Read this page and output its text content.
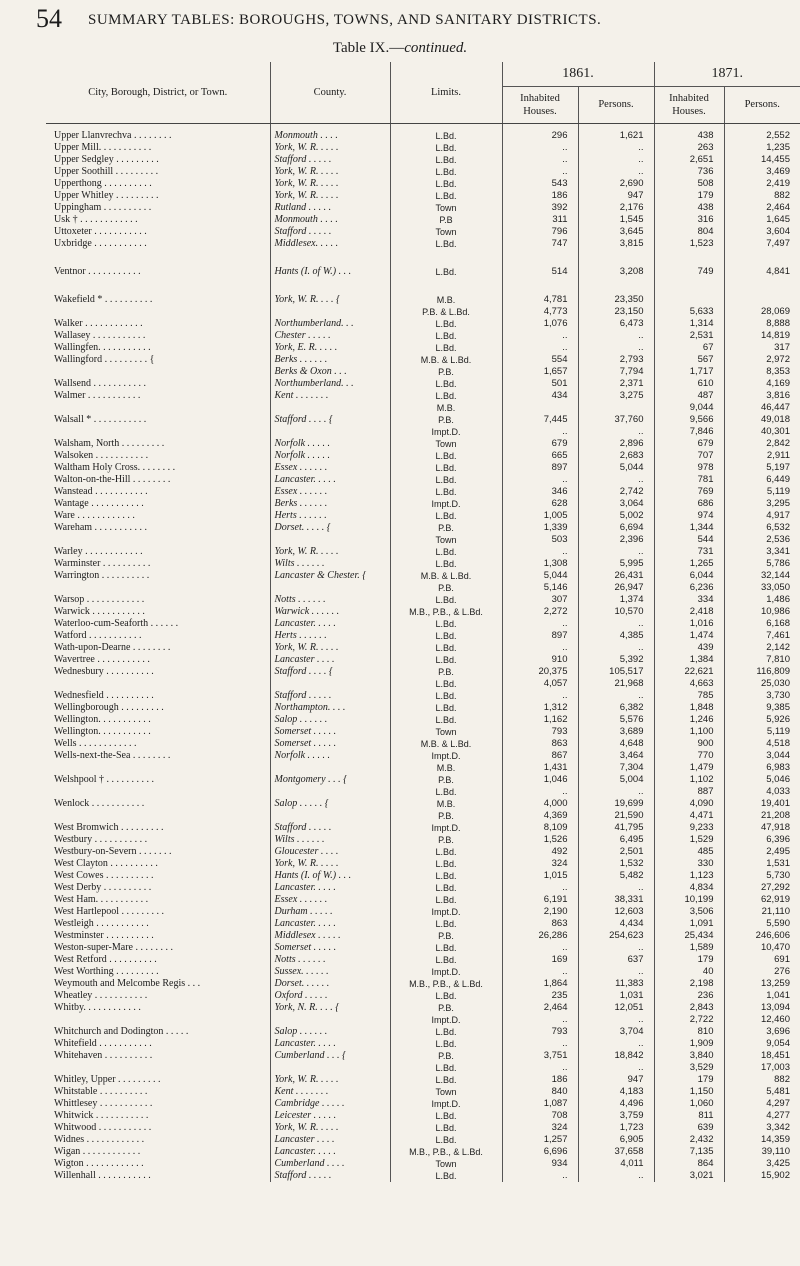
54 SUMMARY TABLES: BOROUGHS, TOWNS, AND SANITARY DISTRICTS.
Table IX.—continued.
City, Borough, District, or Town.	County.	Limits.	1861.		1871.	
			Inhabited Houses.	Persons.	Inhabited Houses.	Persons.
Upper Llanvrechva . . . . . . . .	Monmouth . . . .	L.Bd.	296	1,621	438	2,552
Upper Mill. . . . . . . . . . .	York, W. R. . . . .	L.Bd.	..	..	263	1,235
Upper Sedgley . . . . . . . . .	Stafford . . . . .	L.Bd.	..	..	2,651	14,455
Upper Soothill . . . . . . . . .	York, W. R. . . . .	L.Bd.	..	..	736	3,469
Upperthong . . . . . . . . . .	York, W. R. . . . .	L.Bd.	543	2,690	508	2,419
Upper Whitley . . . . . . . . .	York, W. R. . . . .	L.Bd.	186	947	179	882
Uppingham . . . . . . . . . .	Rutland . . . . .	Town	392	2,176	438	2,464
Usk † . . . . . . . . . . . .	Monmouth . . . .	P.B	311	1,545	316	1,645
Uttoxeter . . . . . . . . . . .	Stafford . . . . .	Town	796	3,645	804	3,604
Uxbridge . . . . . . . . . . .	Middlesex. . . . .	L.Bd.	747	3,815	1,523	7,497

Ventnor . . . . . . . . . . .	Hants (I. of W.) . . .	L.Bd.	514	3,208	749	4,841

Wakefield * . . . . . . . . . .	York, W. R. . . . {	M.B.	4,781	23,350		
		P.B. & L.Bd.	4,773	23,150	5,633	28,069
Walker . . . . . . . . . . . .	Northumberland. . .	L.Bd.	1,076	6,473	1,314	8,888
Wallasey . . . . . . . . . . .	Chester . . . . .	L.Bd.	..	..	2,531	14,819
Wallingfen. . . . . . . . . . .	York, E. R. . . . .	L.Bd.	..	..	67	317
Wallingford . . . . . . . . . {	Berks . . . . . .	M.B. & L.Bd.	554	2,793	567	2,972
	Berks & Oxon . . .	P.B.	1,657	7,794	1,717	8,353
Wallsend . . . . . . . . . . .	Northumberland. . .	L.Bd.	501	2,371	610	4,169
Walmer . . . . . . . . . . .	Kent . . . . . . .	L.Bd.	434	3,275	487	3,816
		M.B.			9,044	46,447
Walsall * . . . . . . . . . . .	Stafford . . . . {	P.B.	7,445	37,760	9,566	49,018
		Impt.D.	..	..	7,846	40,301
Walsham, North . . . . . . . . .	Norfolk . . . . .	Town	679	2,896	679	2,842
Walsoken . . . . . . . . . . .	Norfolk . . . . .	L.Bd.	665	2,683	707	2,911
Waltham Holy Cross. . . . . . . .	Essex . . . . . .	L.Bd.	897	5,044	978	5,197
Walton-on-the-Hill . . . . . . . .	Lancaster. . . . .	L.Bd.	..	..	781	6,449
Wanstead . . . . . . . . . . .	Essex . . . . . .	L.Bd.	346	2,742	769	5,119
Wantage . . . . . . . . . . .	Berks . . . . . .	Impt.D.	628	3,064	686	3,295
Ware . . . . . . . . . . . .	Herts . . . . . .	L.Bd.	1,005	5,002	974	4,917
Wareham . . . . . . . . . . .	Dorset. . . . . {	P.B.	1,339	6,694	1,344	6,532
		Town	503	2,396	544	2,536
Warley . . . . . . . . . . . .	York, W. R. . . . .	L.Bd.	..	..	731	3,341
Warminster . . . . . . . . . .	Wilts . . . . . .	L.Bd.	1,308	5,995	1,265	5,786
Warrington . . . . . . . . . .	Lancaster & Chester. {	M.B. & L.Bd.	5,044	26,431	6,044	32,144
		P.B.	5,146	26,947	6,236	33,050
Warsop . . . . . . . . . . . .	Notts . . . . . .	L.Bd.	307	1,374	334	1,486
Warwick . . . . . . . . . . .	Warwick . . . . . .	M.B., P.B., & L.Bd.	2,272	10,570	2,418	10,986
Waterloo-cum-Seaforth . . . . . .	Lancaster. . . . .	L.Bd.	..	..	1,016	6,168
Watford . . . . . . . . . . .	Herts . . . . . .	L.Bd.	897	4,385	1,474	7,461
Wath-upon-Dearne . . . . . . . .	York, W. R. . . . .	L.Bd.	..	..	439	2,142
Wavertree . . . . . . . . . . .	Lancaster . . . .	L.Bd.	910	5,392	1,384	7,810
Wednesbury . . . . . . . . . .	Stafford . . . . {	P.B.	20,375	105,517	22,621	116,809
		L.Bd.	4,057	21,968	4,663	25,030
Wednesfield . . . . . . . . . .	Stafford . . . . .	L.Bd.	..	..	785	3,730
Wellingborough . . . . . . . . .	Northampton. . . .	L.Bd.	1,312	6,382	1,848	9,385
Wellington. . . . . . . . . . .	Salop . . . . . .	L.Bd.	1,162	5,576	1,246	5,926
Wellington. . . . . . . . . . .	Somerset . . . . .	Town	793	3,689	1,100	5,119
Wells . . . . . . . . . . . .	Somerset . . . . .	M.B. & L.Bd.	863	4,648	900	4,518
Wells-next-the-Sea . . . . . . . .	Norfolk . . . . .	Impt.D.	867	3,464	770	3,044
		M.B.	1,431	7,304	1,479	6,983
Welshpool † . . . . . . . . . .	Montgomery . . . {	P.B.	1,046	5,004	1,102	5,046
		L.Bd.	..	..	887	4,033
Wenlock . . . . . . . . . . .	Salop . . . . . {	M.B.	4,000	19,699	4,090	19,401
		P.B.	4,369	21,590	4,471	21,208
West Bromwich . . . . . . . . .	Stafford . . . . .	Impt.D.	8,109	41,795	9,233	47,918
Westbury . . . . . . . . . . .	Wilts . . . . . .	P.B.	1,526	6,495	1,529	6,396
Westbury-on-Severn . . . . . . .	Gloucester . . . .	L.Bd.	492	2,501	485	2,495
West Clayton . . . . . . . . . .	York, W. R. . . . .	L.Bd.	324	1,532	330	1,531
West Cowes . . . . . . . . . .	Hants (I. of W.) . . .	L.Bd.	1,015	5,482	1,123	5,730
West Derby . . . . . . . . . .	Lancaster. . . . .	L.Bd.	..	..	4,834	27,292
West Ham. . . . . . . . . . .	Essex . . . . . .	L.Bd.	6,191	38,331	10,199	62,919
West Hartlepool . . . . . . . . .	Durham . . . . .	Impt.D.	2,190	12,603	3,506	21,110
Westleigh . . . . . . . . . . .	Lancaster. . . . .	L.Bd.	863	4,434	1,091	5,590
Westminster . . . . . . . . . .	Middlesex . . . . .	P.B.	26,286	254,623	25,434	246,606
Weston-super-Mare . . . . . . . .	Somerset . . . . .	L.Bd.	..	..	1,589	10,470
West Retford . . . . . . . . . .	Notts . . . . . .	L.Bd.	169	637	179	691
West Worthing . . . . . . . . .	Sussex. . . . . .	Impt.D.	..	..	40	276
Weymouth and Melcombe Regis . . .	Dorset. . . . . .	M.B., P.B., & L.Bd.	1,864	11,383	2,198	13,259
Wheatley . . . . . . . . . . .	Oxford . . . . .	L.Bd.	235	1,031	236	1,041
Whitby. . . . . . . . . . . .	York, N. R. . . . {	P.B.	2,464	12,051	2,843	13,094
		Impt.D.	..	..	2,722	12,460
Whitchurch and Dodington . . . . .	Salop . . . . . .	L.Bd.	793	3,704	810	3,696
Whitefield . . . . . . . . . . .	Lancaster. . . . .	L.Bd.	..	..	1,909	9,054
Whitehaven . . . . . . . . . .	Cumberland . . . {	P.B.	3,751	18,842	3,840	18,451
		L.Bd.	..	..	3,529	17,003
Whitley, Upper . . . . . . . . .	York, W. R. . . . .	L.Bd.	186	947	179	882
Whitstable . . . . . . . . . .	Kent . . . . . . .	Town	840	4,183	1,150	5,481
Whittlesey . . . . . . . . . . .	Cambridge . . . . .	Impt.D.	1,087	4,496	1,060	4,297
Whitwick . . . . . . . . . . .	Leicester . . . . .	L.Bd.	708	3,759	811	4,277
Whitwood . . . . . . . . . . .	York, W. R. . . . .	L.Bd.	324	1,723	639	3,342
Widnes . . . . . . . . . . . .	Lancaster . . . .	L.Bd.	1,257	6,905	2,432	14,359
Wigan . . . . . . . . . . . .	Lancaster. . . . .	M.B., P.B., & L.Bd.	6,696	37,658	7,135	39,110
Wigton . . . . . . . . . . . .	Cumberland . . . .	Town	934	4,011	864	3,425
Willenhall . . . . . . . . . . .	Stafford . . . . .	L.Bd.	..	..	3,021	15,902
